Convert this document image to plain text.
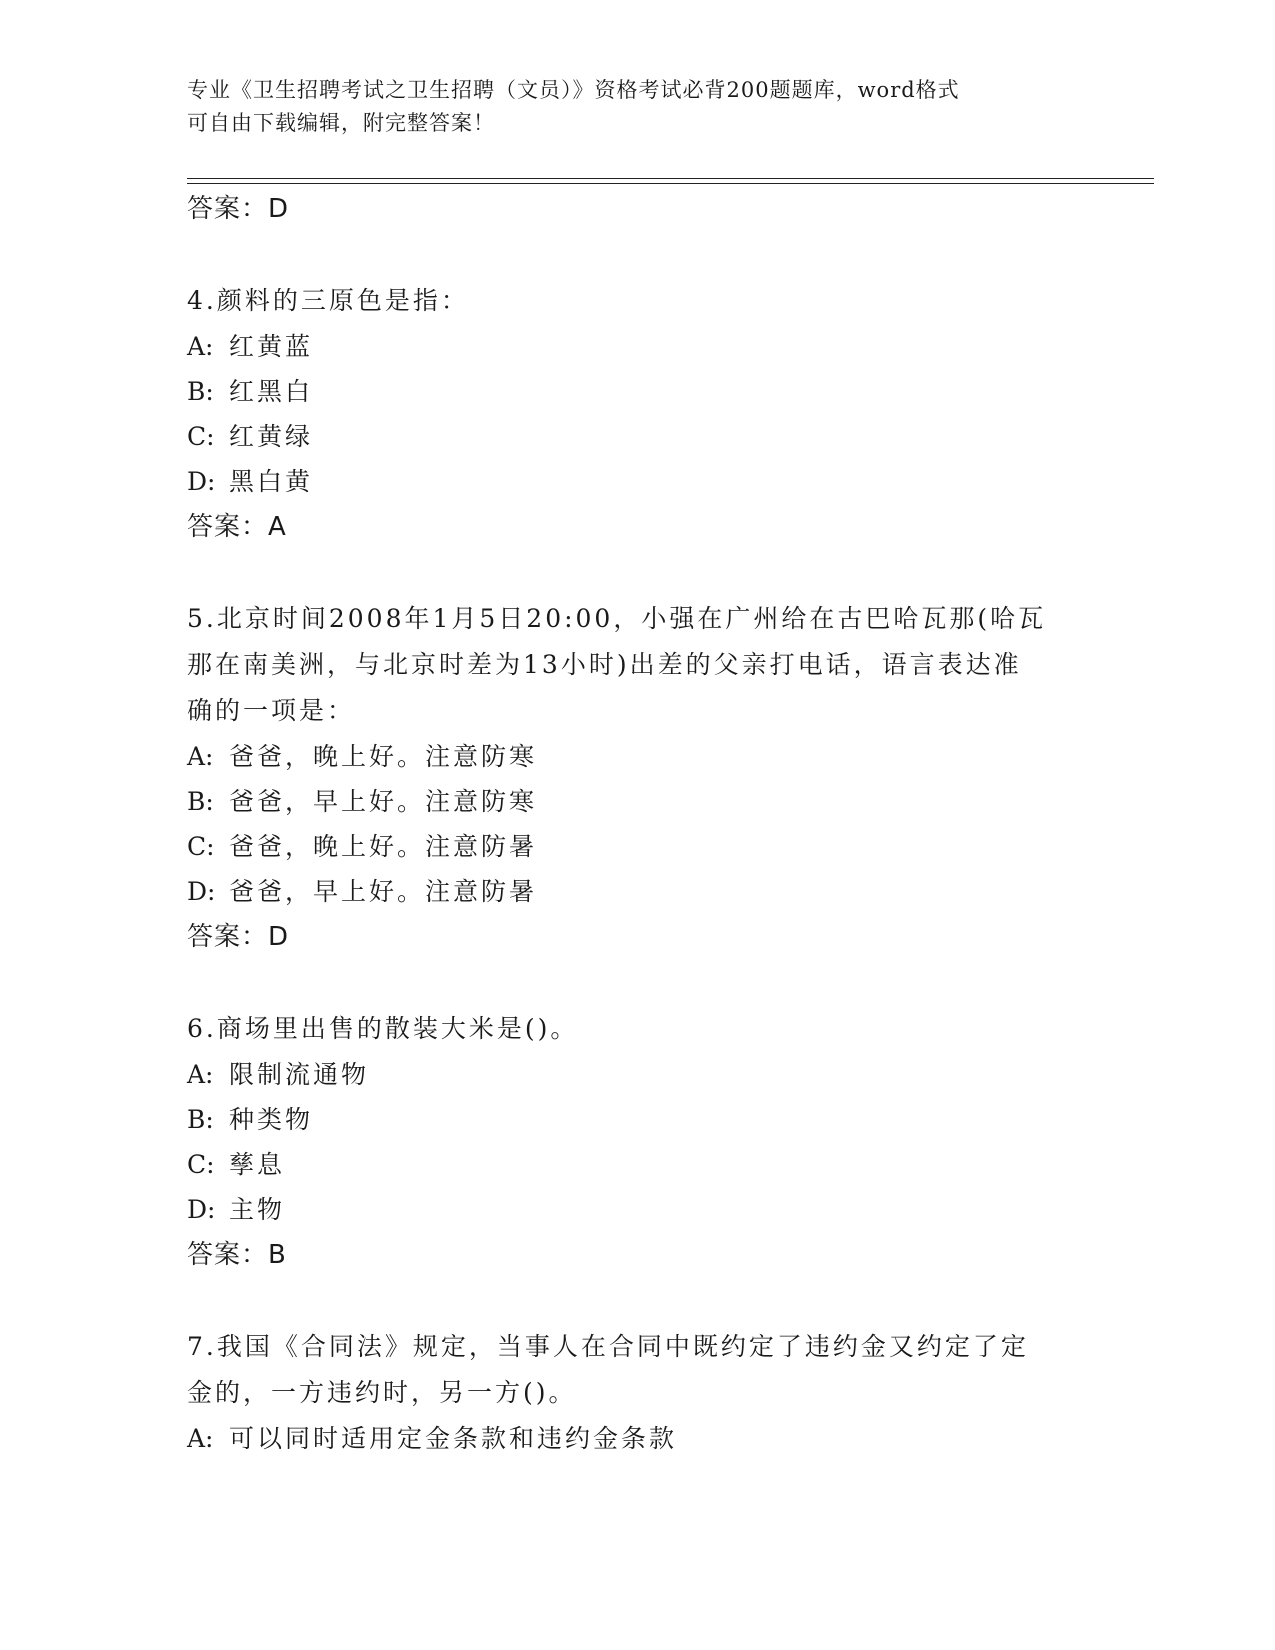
专业《卫生招聘考试之卫生招聘（文员）》资格考试必背200题题库，word格式
可自由下载编辑，附完整答案！
答案：D
4.颜料的三原色是指：
A: 红黄蓝
B: 红黑白
C: 红黄绿
D: 黑白黄
答案：A
5.北京时间2008年1月5日20:00，小强在广州给在古巴哈瓦那(哈瓦
那在南美洲，与北京时差为13小时)出差的父亲打电话，语言表达准
确的一项是：
A: 爸爸，晚上好。注意防寒
B: 爸爸，早上好。注意防寒
C: 爸爸，晚上好。注意防暑
D: 爸爸，早上好。注意防暑
答案：D
6.商场里出售的散装大米是()。
A: 限制流通物
B: 种类物
C: 孳息
D: 主物
答案：B
7.我国《合同法》规定，当事人在合同中既约定了违约金又约定了定
金的，一方违约时，另一方()。
A: 可以同时适用定金条款和违约金条款
